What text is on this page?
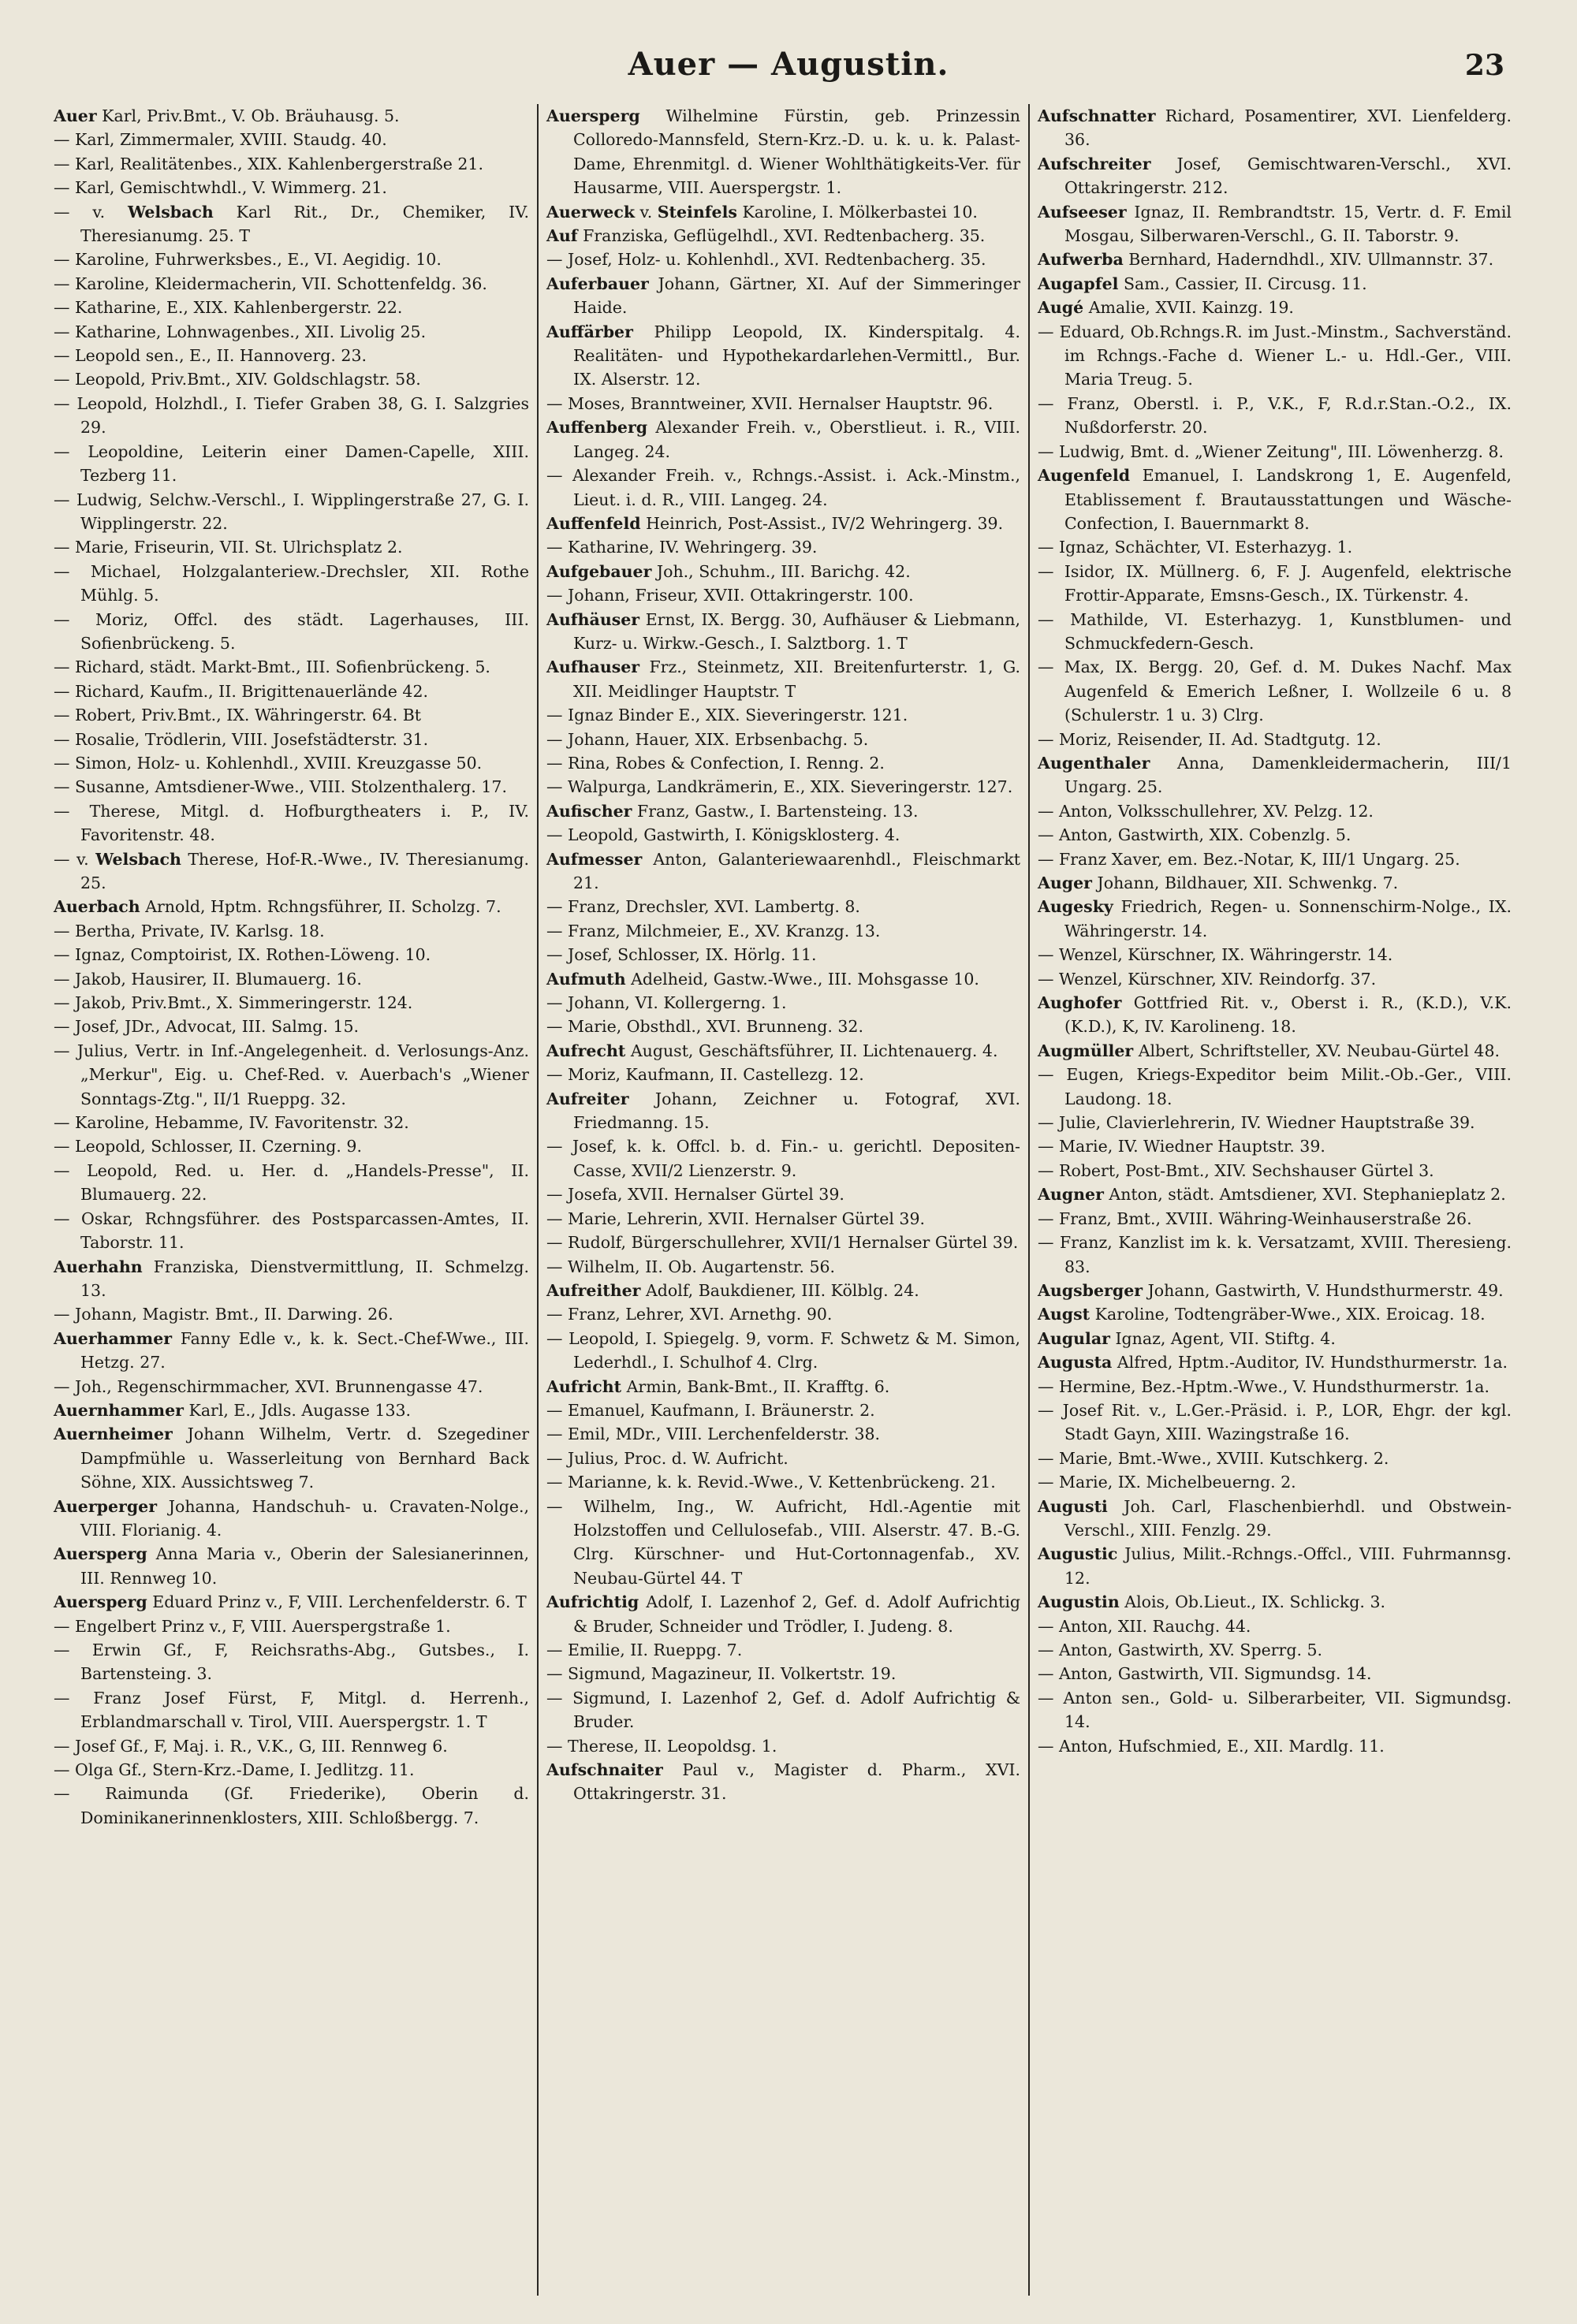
Auer — Augustin.	23
Auer Karl, Priv.Bmt., V. Ob. Bräuhausg. 5.
— Karl, Zimmermaler, XVIII. Staudg. 40.
— Karl, Realitätenbes., XIX. Kahlenbergerstraße 21.
— Karl, Gemischtwhdl., V. Wimmerg. 21.
— v. Welsbach Karl Rit., Dr., Chemiker, IV. Theresianumg. 25. T
— Karoline, Fuhrwerksbes., E., VI. Aegidig. 10.
— Karoline, Kleidermacherin, VII. Schottenfeldg. 36.
— Katharine, E., XIX. Kahlenbergerstr. 22.
— Katharine, Lohnwagenbes., XII. Livolig 25.
— Leopold sen., E., II. Hannoverg. 23.
— Leopold, Priv.Bmt., XIV. Goldschlagstr. 58.
— Leopold, Holzhdl., I. Tiefer Graben 38, G. I. Salzgries 29.
— Leopoldine, Leiterin einer Damen-Capelle, XIII. Tezberg 11.
— Ludwig, Selchw.-Verschl., I. Wipplingerstraße 27, G. I. Wipplingerstr. 22.
— Marie, Friseurin, VII. St. Ulrichsplatz 2.
— Michael, Holzgalanteriew.-Drechsler, XII. Rothe Mühlg. 5.
— Moriz, Offcl. des städt. Lagerhauses, III. Sofienbrückeng. 5.
— Richard, städt. Markt-Bmt., III. Sofienbrückeng. 5.
— Richard, Kaufm., II. Brigittenauerlände 42.
— Robert, Priv.Bmt., IX. Währingerstr. 64. Bt
— Rosalie, Trödlerin, VIII. Josefstädterstr. 31.
— Simon, Holz- u. Kohlenhdl., XVIII. Kreuzgasse 50.
— Susanne, Amtsdiener-Wwe., VIII. Stolzenthalerg. 17.
— Therese, Mitgl. d. Hofburgtheaters i. P., IV. Favoritenstr. 48.
— v. Welsbach Therese, Hof-R.-Wwe., IV. Theresianumg. 25.
Auerbach Arnold, Hptm. Rchngsführer, II. Scholzg. 7.
— Bertha, Private, IV. Karlsg. 18.
— Ignaz, Comptoirist, IX. Rothen-Löweng. 10.
— Jakob, Hausirer, II. Blumauerg. 16.
— Jakob, Priv.Bmt., X. Simmeringerstr. 124.
— Josef, JDr., Advocat, III. Salmg. 15.
— Julius, Vertr. in Inf.-Angelegenheit. d. Verlosungs-Anz. „Merkur", Eig. u. Chef-Red. v. Auerbach's „Wiener Sonntags-Ztg.", II/1 Rueppg. 32.
— Karoline, Hebamme, IV. Favoritenstr. 32.
— Leopold, Schlosser, II. Czerning. 9.
— Leopold, Red. u. Her. d. „Handels-Presse", II. Blumauerg. 22.
— Oskar, Rchngsführer. des Postsparcassen-Amtes, II. Taborstr. 11.
Auerhahn Franziska, Dienstvermittlung, II. Schmelzg. 13.
— Johann, Magistr. Bmt., II. Darwing. 26.
Auerhammer Fanny Edle v., k. k. Sect.-Chef-Wwe., III. Hetzg. 27.
— Joh., Regenschirmmacher, XVI. Brunnengasse 47.
Auernhammer Karl, E., Jdls. Augasse 133.
Auernheimer Johann Wilhelm, Vertr. d. Szegediner Dampfmühle u. Wasserleitung von Bernhard Back Söhne, XIX. Aussichtsweg 7.
Auerperger Johanna, Handschuh- u. Cravaten-Nolge., VIII. Florianig. 4.
Auersperg Anna Maria v., Oberin der Salesianerinnen, III. Rennweg 10.
Auersperg Eduard Prinz v., F, VIII. Lerchenfelderstr. 6. T
— Engelbert Prinz v., F, VIII. Auerspergstraße 1.
— Erwin Gf., F, Reichsraths-Abg., Gutsbes., I. Bartensteing. 3.
— Franz Josef Fürst, F, Mitgl. d. Herrenh., Erblandmarschall v. Tirol, VIII. Auerspergstr. 1. T
— Josef Gf., F, Maj. i. R., V.K., G, III. Rennweg 6.
— Olga Gf., Stern-Krz.-Dame, I. Jedlitzg. 11.
— Raimunda (Gf. Friederike), Oberin d. Dominikanerinnenklosters, XIII. Schloßbergg. 7.
Auersperg Wilhelmine Fürstin, geb. Prinzessin Colloredo-Mannsfeld, Stern-Krz.-D. u. k. u. k. Palast-Dame, Ehrenmitgl. d. Wiener Wohlthätigkeits-Ver. für Hausarme, VIII. Auerspergstr. 1.
Auerweck v. Steinfels Karoline, I. Mölkerbastei 10.
Auf Franziska, Geflügelhdl., XVI. Redtenbacherg. 35.
— Josef, Holz- u. Kohlenhdl., XVI. Redtenbacherg. 35.
Auferbauer Johann, Gärtner, XI. Auf der Simmeringer Haide.
Auffärber Philipp Leopold, IX. Kinderspitalg. 4. Realitäten- und Hypothekardarlehen-Vermittl., Bur. IX. Alserstr. 12.
— Moses, Branntweiner, XVII. Hernalser Hauptstr. 96.
Auffenberg Alexander Freih. v., Oberstlieut. i. R., VIII. Langeg. 24.
— Alexander Freih. v., Rchngs.-Assist. i. Ack.-Minstm., Lieut. i. d. R., VIII. Langeg. 24.
Auffenfeld Heinrich, Post-Assist., IV/2 Wehringerg. 39.
— Katharine, IV. Wehringerg. 39.
Aufgebauer Joh., Schuhm., III. Barichg. 42.
— Johann, Friseur, XVII. Ottakringerstr. 100.
Aufhäuser Ernst, IX. Bergg. 30, Aufhäuser & Liebmann, Kurz- u. Wirkw.-Gesch., I. Salztborg. 1. T
Aufhauser Frz., Steinmetz, XII. Breitenfurterstr. 1, G. XII. Meidlinger Hauptstr. T
— Ignaz Binder E., XIX. Sieveringerstr. 121.
— Johann, Hauer, XIX. Erbsenbachg. 5.
— Rina, Robes & Confection, I. Renng. 2.
— Walpurga, Landkrämerin, E., XIX. Sieveringerstr. 127.
Aufischer Franz, Gastw., I. Bartensteing. 13.
— Leopold, Gastwirth, I. Königsklosterg. 4.
Aufmesser Anton, Galanteriewaarenhdl., Fleischmarkt 21.
— Franz, Drechsler, XVI. Lambertg. 8.
— Franz, Milchmeier, E., XV. Kranzg. 13.
— Josef, Schlosser, IX. Hörlg. 11.
Aufmuth Adelheid, Gastw.-Wwe., III. Mohsgasse 10.
— Johann, VI. Kollergerng. 1.
— Marie, Obsthdl., XVI. Brunneng. 32.
Aufrecht August, Geschäftsführer, II. Lichtenauerg. 4.
— Moriz, Kaufmann, II. Castellezg. 12.
Aufreiter Johann, Zeichner u. Fotograf, XVI. Friedmanng. 15.
— Josef, k. k. Offcl. b. d. Fin.- u. gerichtl. Depositen-Casse, XVII/2 Lienzerstr. 9.
— Josefa, XVII. Hernalser Gürtel 39.
— Marie, Lehrerin, XVII. Hernalser Gürtel 39.
— Rudolf, Bürgerschullehrer, XVII/1 Hernalser Gürtel 39.
— Wilhelm, II. Ob. Augartenstr. 56.
Aufreither Adolf, Baukdiener, III. Kölblg. 24.
— Franz, Lehrer, XVI. Arnethg. 90.
— Leopold, I. Spiegelg. 9, vorm. F. Schwetz & M. Simon, Lederhdl., I. Schulhof 4. Clrg.
Aufricht Armin, Bank-Bmt., II. Krafftg. 6.
— Emanuel, Kaufmann, I. Bräunerstr. 2.
— Emil, MDr., VIII. Lerchenfelderstr. 38.
— Julius, Proc. d. W. Aufricht.
— Marianne, k. k. Revid.-Wwe., V. Kettenbrückeng. 21.
— Wilhelm, Ing., W. Aufricht, Hdl.-Agentie mit Holzstoffen und Cellulosefab., VIII. Alserstr. 47. B.-G. Clrg. Kürschner- und Hut-Cortonnagenfab., XV. Neubau-Gürtel 44. T
Aufrichtig Adolf, I. Lazenhof 2, Gef. d. Adolf Aufrichtig & Bruder, Schneider und Trödler, I. Judeng. 8.
— Emilie, II. Rueppg. 7.
— Sigmund, Magazineur, II. Volkertstr. 19.
— Sigmund, I. Lazenhof 2, Gef. d. Adolf Aufrichtig & Bruder.
— Therese, II. Leopoldsg. 1.
Aufschnaiter Paul v., Magister d. Pharm., XVI. Ottakringerstr. 31.
Aufschnatter Richard, Posamentirer, XVI. Lienfelderg. 36.
Aufschreiter Josef, Gemischtwaren-Verschl., XVI. Ottakringerstr. 212.
Aufseeser Ignaz, II. Rembrandtstr. 15, Vertr. d. F. Emil Mosgau, Silberwaren-Verschl., G. II. Taborstr. 9.
Aufwerba Bernhard, Haderndhdl., XIV. Ullmannstr. 37.
Augapfel Sam., Cassier, II. Circusg. 11.
Augé Amalie, XVII. Kainzg. 19.
— Eduard, Ob.Rchngs.R. im Just.-Minstm., Sachverständ. im Rchngs.-Fache d. Wiener L.- u. Hdl.-Ger., VIII. Maria Treug. 5.
— Franz, Oberstl. i. P., V.K., F, R.d.r.Stan.-O.2., IX. Nußdorferstr. 20.
— Ludwig, Bmt. d. „Wiener Zeitung", III. Löwenherzg. 8.
Augenfeld Emanuel, I. Landskrong 1, E. Augenfeld, Etablissement f. Brautausstattungen und Wäsche-Confection, I. Bauernmarkt 8.
— Ignaz, Schächter, VI. Esterhazyg. 1.
— Isidor, IX. Müllnerg. 6, F. J. Augenfeld, elektrische Frottir-Apparate, Emsns-Gesch., IX. Türkenstr. 4.
— Mathilde, VI. Esterhazyg. 1, Kunstblumen- und Schmuckfedern-Gesch.
— Max, IX. Bergg. 20, Gef. d. M. Dukes Nachf. Max Augenfeld & Emerich Leßner, I. Wollzeile 6 u. 8 (Schulerstr. 1 u. 3) Clrg.
— Moriz, Reisender, II. Ad. Stadtgutg. 12.
Augenthaler Anna, Damenkleidermacherin, III/1 Ungarg. 25.
— Anton, Volksschullehrer, XV. Pelzg. 12.
— Anton, Gastwirth, XIX. Cobenzlg. 5.
— Franz Xaver, em. Bez.-Notar, K, III/1 Ungarg. 25.
Auger Johann, Bildhauer, XII. Schwenkg. 7.
Augesky Friedrich, Regen- u. Sonnenschirm-Nolge., IX. Währingerstr. 14.
— Wenzel, Kürschner, IX. Währingerstr. 14.
— Wenzel, Kürschner, XIV. Reindorfg. 37.
Aughofer Gottfried Rit. v., Oberst i. R., (K.D.), V.K. (K.D.), K, IV. Karolineng. 18.
Augmüller Albert, Schriftsteller, XV. Neubau-Gürtel 48.
— Eugen, Kriegs-Expeditor beim Milit.-Ob.-Ger., VIII. Laudong. 18.
— Julie, Clavierlehrerin, IV. Wiedner Hauptstraße 39.
— Marie, IV. Wiedner Hauptstr. 39.
— Robert, Post-Bmt., XIV. Sechshauser Gürtel 3.
Augner Anton, städt. Amtsdiener, XVI. Stephanieplatz 2.
— Franz, Bmt., XVIII. Währing-Weinhauserstraße 26.
— Franz, Kanzlist im k. k. Versatzamt, XVIII. Theresieng. 83.
Augsberger Johann, Gastwirth, V. Hundsthurmerstr. 49.
Augst Karoline, Todtengräber-Wwe., XIX. Eroicag. 18.
Augular Ignaz, Agent, VII. Stiftg. 4.
Augusta Alfred, Hptm.-Auditor, IV. Hundsthurmerstr. 1a.
— Hermine, Bez.-Hptm.-Wwe., V. Hundsthurmerstr. 1a.
— Josef Rit. v., L.Ger.-Präsid. i. P., LOR, Ehgr. der kgl. Stadt Gayn, XIII. Wazingstraße 16.
— Marie, Bmt.-Wwe., XVIII. Kutschkerg. 2.
— Marie, IX. Michelbeuerng. 2.
Augusti Joh. Carl, Flaschenbierhdl. und Obstwein-Verschl., XIII. Fenzlg. 29.
Augustic Julius, Milit.-Rchngs.-Offcl., VIII. Fuhrmannsg. 12.
Augustin Alois, Ob.Lieut., IX. Schlickg. 3.
— Anton, XII. Rauchg. 44.
— Anton, Gastwirth, XV. Sperrg. 5.
— Anton, Gastwirth, VII. Sigmundsg. 14.
— Anton sen., Gold- u. Silberarbeiter, VII. Sigmundsg. 14.
— Anton, Hufschmied, E., XII. Mardlg. 11.
